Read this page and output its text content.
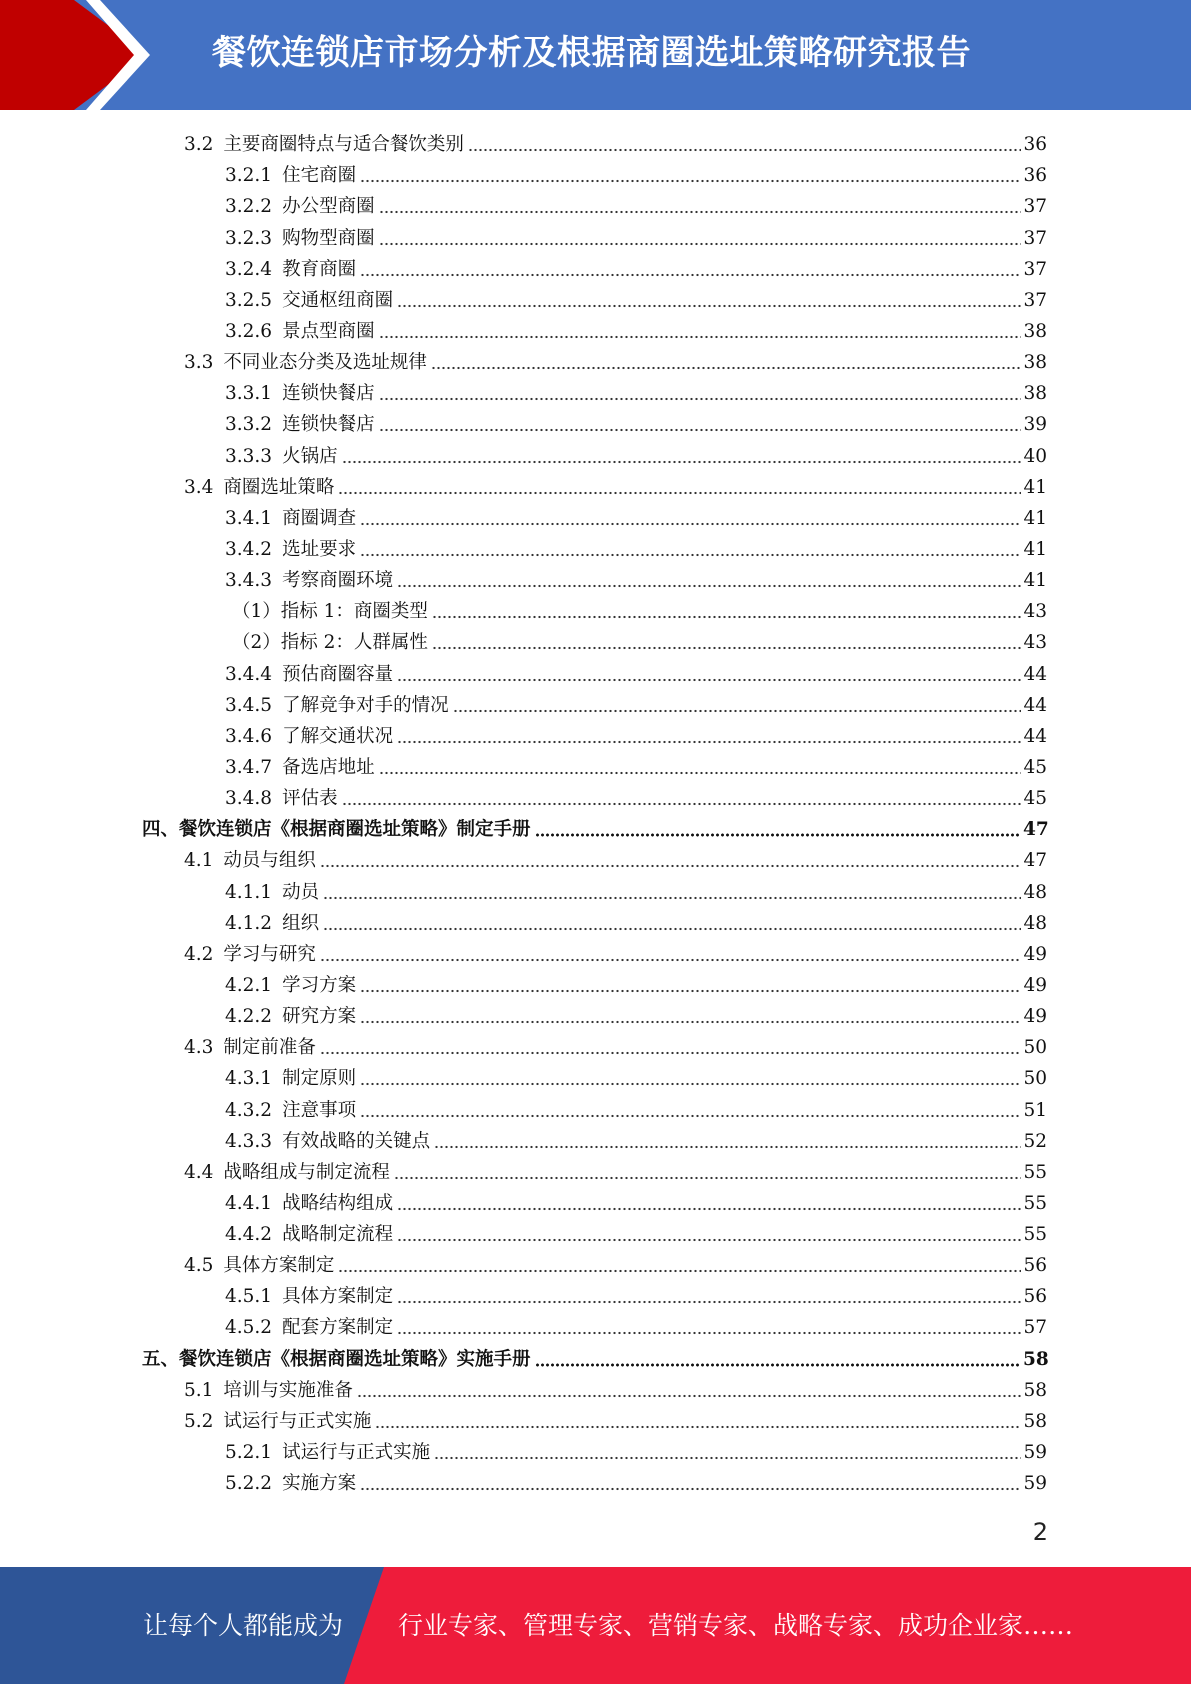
餐饮连锁店市场分析及根据商圈选址策略研究报告
3.2 主要商圈特点与适合餐饮类别	36
3.2.1 住宅商圈	36
3.2.2 办公型商圈	37
3.2.3 购物型商圈	37
3.2.4 教育商圈	37
3.2.5 交通枢纽商圈	37
3.2.6 景点型商圈	38
3.3 不同业态分类及选址规律	38
3.3.1 连锁快餐店	38
3.3.2 连锁快餐店	39
3.3.3 火锅店	40
3.4 商圈选址策略	41
3.4.1 商圈调查	41
3.4.2 选址要求	41
3.4.3 考察商圈环境	41
（1）指标 1：商圈类型	43
（2）指标 2：人群属性	43
3.4.4 预估商圈容量	44
3.4.5 了解竞争对手的情况	44
3.4.6 了解交通状况	44
3.4.7 备选店地址	45
3.4.8 评估表	45
四、餐饮连锁店《根据商圈选址策略》制定手册	47
4.1 动员与组织	47
4.1.1 动员	48
4.1.2 组织	48
4.2 学习与研究	49
4.2.1 学习方案	49
4.2.2 研究方案	49
4.3 制定前准备	50
4.3.1 制定原则	50
4.3.2 注意事项	51
4.3.3 有效战略的关键点	52
4.4 战略组成与制定流程	55
4.4.1 战略结构组成	55
4.4.2 战略制定流程	55
4.5 具体方案制定	56
4.5.1 具体方案制定	56
4.5.2 配套方案制定	57
五、餐饮连锁店《根据商圈选址策略》实施手册	58
5.1 培训与实施准备	58
5.2 试运行与正式实施	58
5.2.1 试运行与正式实施	59
5.2.2 实施方案	59
2
让每个人都能成为 行业专家、管理专家、营销专家、战略专家、成功企业家……
